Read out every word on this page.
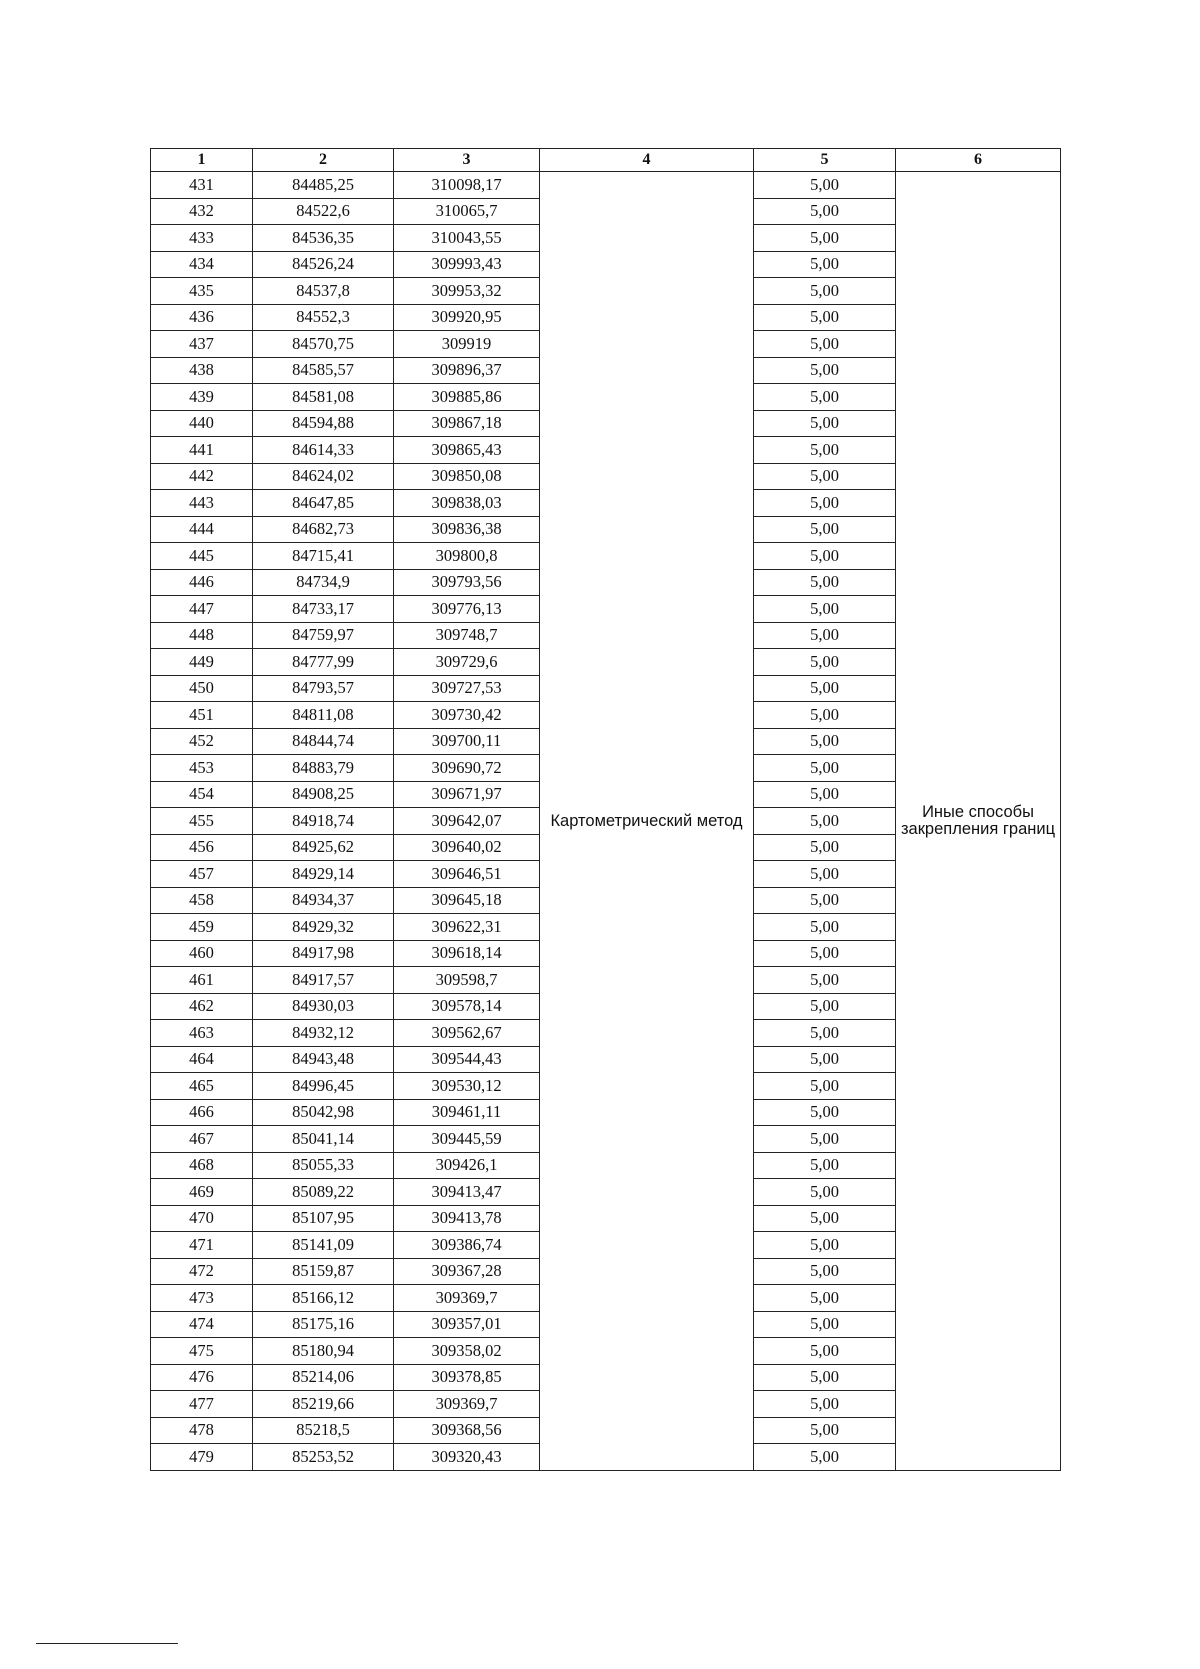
1	2	3	4	5	6
431	84485,25	310098,17	Картометрический метод	5,00	Иные способы закрепления границ
432	84522,6	310065,7		5,00	
433	84536,35	310043,55		5,00	
434	84526,24	309993,43		5,00	
435	84537,8	309953,32		5,00	
436	84552,3	309920,95		5,00	
437	84570,75	309919		5,00	
438	84585,57	309896,37		5,00	
439	84581,08	309885,86		5,00	
440	84594,88	309867,18		5,00	
441	84614,33	309865,43		5,00	
442	84624,02	309850,08		5,00	
443	84647,85	309838,03		5,00	
444	84682,73	309836,38		5,00	
445	84715,41	309800,8		5,00	
446	84734,9	309793,56		5,00	
447	84733,17	309776,13		5,00	
448	84759,97	309748,7		5,00	
449	84777,99	309729,6		5,00	
450	84793,57	309727,53		5,00	
451	84811,08	309730,42		5,00	
452	84844,74	309700,11		5,00	
453	84883,79	309690,72		5,00	
454	84908,25	309671,97		5,00	
455	84918,74	309642,07		5,00	
456	84925,62	309640,02		5,00	
457	84929,14	309646,51		5,00	
458	84934,37	309645,18		5,00	
459	84929,32	309622,31		5,00	
460	84917,98	309618,14		5,00	
461	84917,57	309598,7		5,00	
462	84930,03	309578,14		5,00	
463	84932,12	309562,67		5,00	
464	84943,48	309544,43		5,00	
465	84996,45	309530,12		5,00	
466	85042,98	309461,11		5,00	
467	85041,14	309445,59		5,00	
468	85055,33	309426,1		5,00	
469	85089,22	309413,47		5,00	
470	85107,95	309413,78		5,00	
471	85141,09	309386,74		5,00	
472	85159,87	309367,28		5,00	
473	85166,12	309369,7		5,00	
474	85175,16	309357,01		5,00	
475	85180,94	309358,02		5,00	
476	85214,06	309378,85		5,00	
477	85219,66	309369,7		5,00	
478	85218,5	309368,56		5,00	
479	85253,52	309320,43		5,00	
